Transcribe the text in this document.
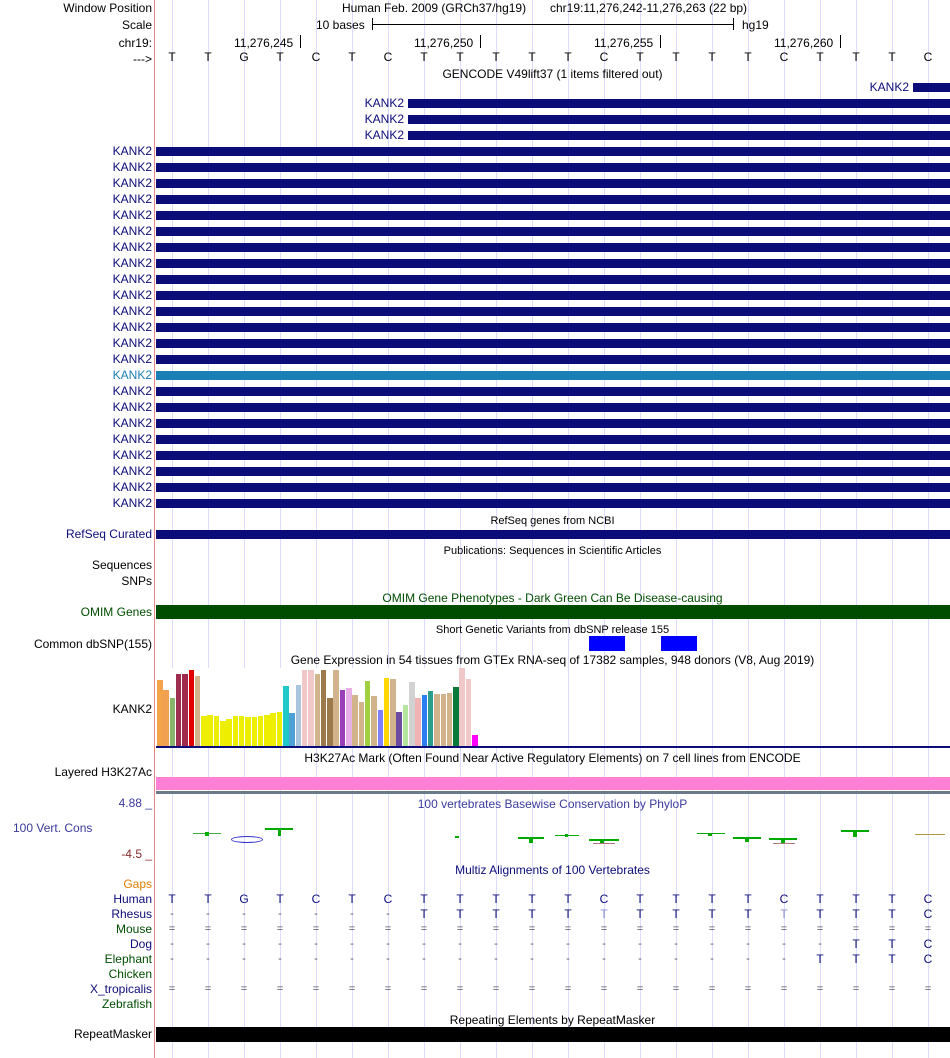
Window Position	Human Feb. 2009 (GRCh37/hg19) chr19:11,276,242-11,276,263 (22 bp)
Scale	10 bases	hg19
chr19:	11,276,245	11,276,250	11,276,255	11,276,260
--->	T	T	G	T	C	T	C	T	T	T	T	T	C	T	T	T	T	C	T	T	T	C
GENCODE V49lift37 (1 items filtered out)
KANK2
KANK2
KANK2
KANK2
KANK2
KANK2
KANK2
KANK2
KANK2
KANK2
KANK2
KANK2
KANK2
KANK2
KANK2
KANK2
KANK2
KANK2
KANK2
KANK2
KANK2
KANK2
KANK2
KANK2
KANK2
KANK2
KANK2
RefSeq genes from NCBI
RefSeq Curated
Publications: Sequences in Scientific Articles
Sequences
SNPs
OMIM Gene Phenotypes - Dark Green Can Be Disease-causing
OMIM Genes
Short Genetic Variants from dbSNP release 155
Common dbSNP(155)
Gene Expression in 54 tissues from GTEx RNA-seq of 17382 samples, 948 donors (V8, Aug 2019)
KANK2
H3K27Ac Mark (Often Found Near Active Regulatory Elements) on 7 cell lines from ENCODE
Layered H3K27Ac
100 vertebrates Basewise Conservation by PhyloP
4.88 _
100 Vert. Cons
-4.5 _
Multiz Alignments of 100 Vertebrates
Gaps
Human	T	T	G	T	C	T	C	T	T	T	T	T	C	T	T	T	T	C	T	T	T	C
Rhesus	-	-	-	-	-	-	-	T	T	T	T	T	T	T	T	T	T	T	T	T	T	C
Mouse	=	=	=	=	=	=	=	=	=	=	=	=	=	=	=	=	=	=	=	=	=	=
Dog	-	-	-	-	-	-	-	-	-	-	-	-	-	-	-	-	-	-	-	T	T	C
Elephant	-	-	-	-	-	-	-	-	-	-	-	-	-	-	-	-	-	-	T	T	T	C
Chicken
X_tropicalis	=	=	=	=	=	=	=	=	=	=	=	=	=	=	=	=	=	=	=	=	=	=
Zebrafish
Repeating Elements by RepeatMasker
RepeatMasker
